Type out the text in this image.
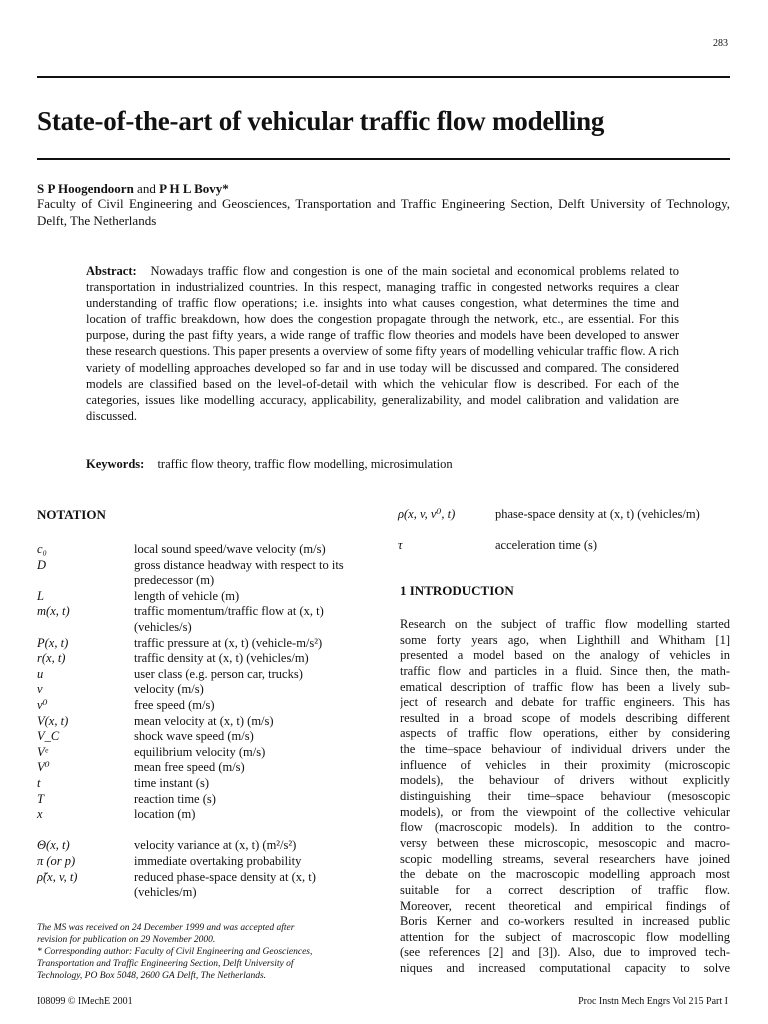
283
State-of-the-art of vehicular traffic flow modelling
S P Hoogendoorn and P H L Bovy*
Faculty of Civil Engineering and Geosciences, Transportation and Traffic Engineering Section, Delft University of Technology, Delft, The Netherlands
Abstract: Nowadays traffic flow and congestion is one of the main societal and economical problems related to transportation in industrialized countries. In this respect, managing traffic in congested networks requires a clear understanding of traffic flow operations; i.e. insights into what causes congestion, what determines the time and location of traffic breakdown, how does the congestion propagate through the network, etc., are essential. For this purpose, during the past fifty years, a wide range of traffic flow theories and models have been developed to answer these research questions. This paper presents a overview of some fifty years of modelling vehicular traffic flow. A rich variety of modelling approaches developed so far and in use today will be discussed and compared. The considered models are classified based on the level-of-detail with which the vehicular flow is described. For each of the categories, issues like modelling accuracy, applicability, generalizability, and model calibration and validation are discussed.
Keywords: traffic flow theory, traffic flow modelling, microsimulation
NOTATION
c₀	local sound speed/wave velocity (m/s)
D	gross distance headway with respect to its predecessor (m)
L	length of vehicle (m)
m(x, t)	traffic momentum/traffic flow at (x, t) (vehicles/s)
P(x, t)	traffic pressure at (x, t) (vehicle-m/s²)
r(x, t)	traffic density at (x, t) (vehicles/m)
u	user class (e.g. person car, trucks)
v	velocity (m/s)
v⁰	free speed (m/s)
V(x, t)	mean velocity at (x, t) (m/s)
V_C	shock wave speed (m/s)
Vᵉ	equilibrium velocity (m/s)
V⁰	mean free speed (m/s)
t	time instant (s)
T	reaction time (s)
x	location (m)
Θ(x, t)	velocity variance at (x, t) (m²/s²)
π (or p)	immediate overtaking probability
ρ̃(x, v, t)	reduced phase-space density at (x, t) (vehicles/m)
ρ(x, v, v⁰, t)	phase-space density at (x, t) (vehicles/m)
τ	acceleration time (s)
The MS was received on 24 December 1999 and was accepted after
revision for publication on 29 November 2000.
* Corresponding author: Faculty of Civil Engineering and Geosciences,
Transportation and Traffic Engineering Section, Delft University of
Technology, PO Box 5048, 2600 GA Delft, The Netherlands.
I08099 © IMechE 2001	Proc Instn Mech Engrs Vol 215 Part I
1 INTRODUCTION
Research on the subject of traffic flow modelling started
some forty years ago, when Lighthill and Whitham [1]
presented a model based on the analogy of vehicles in
traffic flow and particles in a fluid. Since then, the math-
ematical description of traffic flow has been a lively sub-
ject of research and debate for traffic engineers. This has
resulted in a broad scope of models describing different
aspects of traffic flow operations, either by considering
the time–space behaviour of individual drivers under the
influence of vehicles in their proximity (microscopic
models), the behaviour of drivers without explicitly
distinguishing their time–space behaviour (mesoscopic
models), or from the viewpoint of the collective vehicular
flow (macroscopic models). In addition to the contro-
versy between these microscopic, mesoscopic and macro-
scopic modelling streams, several researchers have joined
the debate on the macroscopic modelling approach most
suitable for a correct description of traffic flow.
Moreover, recent theoretical and empirical findings of
Boris Kerner and co-workers resulted in increased public
attention for the subject of macroscopic flow modelling
(see references [2] and [3]). Also, due to improved tech-
niques and increased computational capacity to solve
